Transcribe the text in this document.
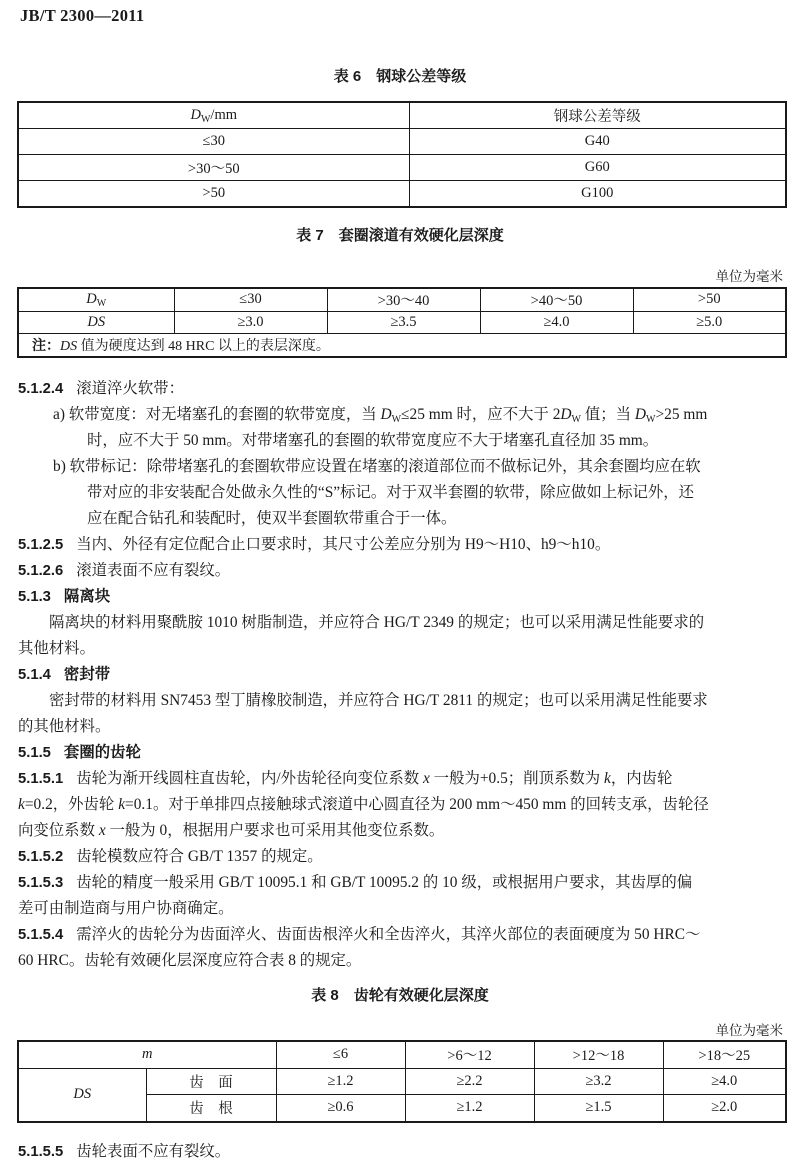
JB/T 2300—2011
表 6　钢球公差等级
$D_W/mm$	钢球公差等级
≤30	G40
>30～50	G60
>50	G100
表 7　套圈滚道有效硬化层深度
单位为毫米
$D_W$	≤30	>30～40	>40～50	>50
DS	≥3.0	≥3.5	≥4.0	≥5.0
注：DS 值为硬度达到 48 HRC 以上的表层深度。				
5.1.2.4 滚道淬火软带：
a) 软带宽度：对无堵塞孔的套圈的软带宽度，当 $D_W\le 25$ mm 时，应不大于 $2D_W$ 值；当 $D_W>25$ mm
时，应不大于 50 mm。对带堵塞孔的套圈的软带宽度应不大于堵塞孔直径加 35 mm。
b) 软带标记：除带堵塞孔的套圈软带应设置在堵塞的滚道部位而不做标记外，其余套圈均应在软
带对应的非安装配合处做永久性的“S”标记。对于双半套圈的软带，除应做如上标记外，还
应在配合钻孔和装配时，使双半套圈软带重合于一体。
5.1.2.5 当内、外径有定位配合止口要求时，其尺寸公差应分别为 H9～H10、h9～h10。
5.1.2.6 滚道表面不应有裂纹。
5.1.3 隔离块
隔离块的材料用聚酰胺 1010 树脂制造，并应符合 HG/T 2349 的规定；也可以采用满足性能要求的
其他材料。
5.1.4 密封带
密封带的材料用 SN7453 型丁腈橡胶制造，并应符合 HG/T 2811 的规定；也可以采用满足性能要求
的其他材料。
5.1.5 套圈的齿轮
5.1.5.1 齿轮为渐开线圆柱直齿轮，内/外齿轮径向变位系数 x 一般为+0.5；削顶系数为 k，内齿轮
k=0.2，外齿轮 k=0.1。对于单排四点接触球式滚道中心圆直径为 200 mm～450 mm 的回转支承，齿轮径
向变位系数 x 一般为 0，根据用户要求也可采用其他变位系数。
5.1.5.2 齿轮模数应符合 GB/T 1357 的规定。
5.1.5.3 齿轮的精度一般采用 GB/T 10095.1 和 GB/T 10095.2 的 10 级，或根据用户要求，其齿厚的偏
差可由制造商与用户协商确定。
5.1.5.4 需淬火的齿轮分为齿面淬火、齿面齿根淬火和全齿淬火，其淬火部位的表面硬度为 50 HRC～
60 HRC。齿轮有效硬化层深度应符合表 8 的规定。
表 8　齿轮有效硬化层深度
单位为毫米
m		≤6	>6～12	>12～18	>18～25
DS	齿　面	≥1.2	≥2.2	≥3.2	≥4.0
	齿　根	≥0.6	≥1.2	≥1.5	≥2.0
5.1.5.5 齿轮表面不应有裂纹。
